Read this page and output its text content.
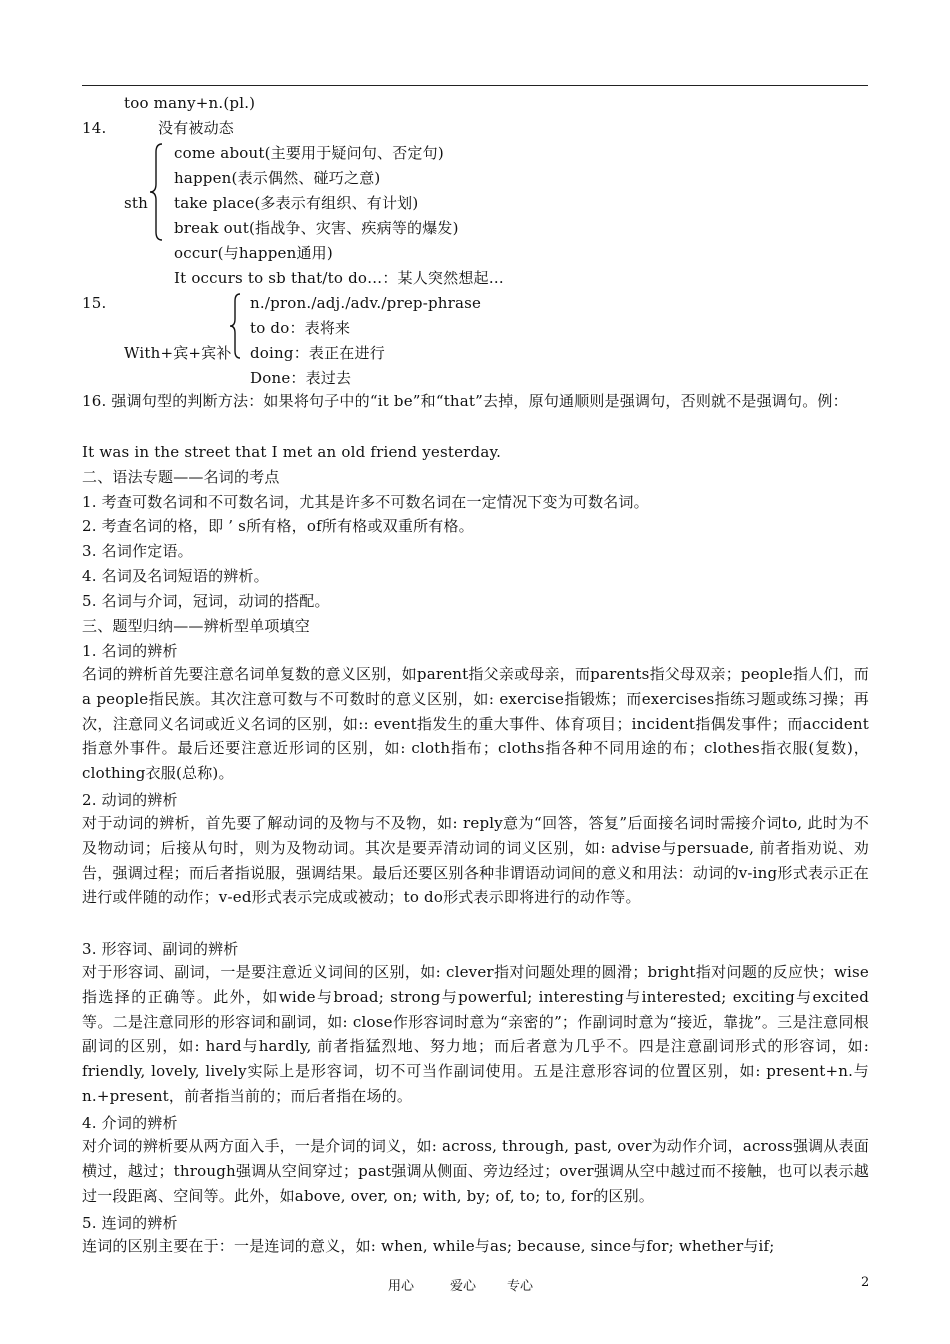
too many+n.(pl.)
14.	没有被动态
come about(主要用于疑问句、否定句)
happen(表示偶然、碰巧之意)
sth take place(多表示有组织、有计划)
break out(指战争、灾害、疾病等的爆发)
occur(与happen通用)
It occurs to sb that/to do…：某人突然想起…
15.	n./pron./adj./adv./prep-phrase
to do：表将来
With+宾+宾补 doing：表正在进行
Done：表过去
16. 强调句型的判断方法：如果将句子中的“it be”和“that”去掉，原句通顺则是强调句，否则就不是强调句。例：
It was in the street that I met an old friend yesterday.
二、语法专题——名词的考点
1. 考查可数名词和不可数名词，尤其是许多不可数名词在一定情况下变为可数名词。
2. 考查名词的格，即 ’ s所有格，of所有格或双重所有格。
3. 名词作定语。
4. 名词及名词短语的辨析。
5. 名词与介词，冠词，动词的搭配。
三、题型归纳——辨析型单项填空
1. 名词的辨析
名词的辨析首先要注意名词单复数的意义区别，如parent指父亲或母亲，而parents指父母双亲；people指人们，而a people指民族。其次注意可数与不可数时的意义区别，如: exercise指锻炼；而exercises指练习题或练习操；再次，注意同义名词或近义名词的区别，如:: event指发生的重大事件、体育项目；incident指偶发事件；而accident指意外事件。最后还要注意近形词的区别，如: cloth指布；cloths指各种不同用途的布；clothes指衣服(复数)，clothing衣服(总称)。
2. 动词的辨析
对于动词的辨析，首先要了解动词的及物与不及物，如: reply意为“回答，答复”后面接名词时需接介词to, 此时为不及物动词；后接从句时，则为及物动词。其次是要弄清动词的词义区别，如: advise与persuade, 前者指劝说、劝告，强调过程；而后者指说服，强调结果。最后还要区别各种非谓语动词间的意义和用法：动词的v-ing形式表示正在进行或伴随的动作；v-ed形式表示完成或被动；to do形式表示即将进行的动作等。
3. 形容词、副词的辨析
对于形容词、副词，一是要注意近义词间的区别，如: clever指对问题处理的圆滑；bright指对问题的反应快；wise指选择的正确等。此外，如wide与broad; strong与powerful; interesting与interested; exciting与excited等。二是注意同形的形容词和副词，如: close作形容词时意为“亲密的”；作副词时意为“接近，靠拢”。三是注意同根副词的区别，如: hard与hardly, 前者指猛烈地、努力地；而后者意为几乎不。四是注意副词形式的形容词，如: friendly, lovely, lively实际上是形容词，切不可当作副词使用。五是注意形容词的位置区别，如: present+n.与n.+present，前者指当前的；而后者指在场的。
4. 介词的辨析
对介词的辨析要从两方面入手，一是介词的词义，如: across, through, past, over为动作介词，across强调从表面横过，越过；through强调从空间穿过；past强调从侧面、旁边经过；over强调从空中越过而不接触，也可以表示越过一段距离、空间等。此外，如above, over, on; with, by; of, to; to, for的区别。
5. 连词的辨析
连词的区别主要在于：一是连词的意义，如: when, while与as; because, since与for; whether与if;
用心	爱心 专心	2
